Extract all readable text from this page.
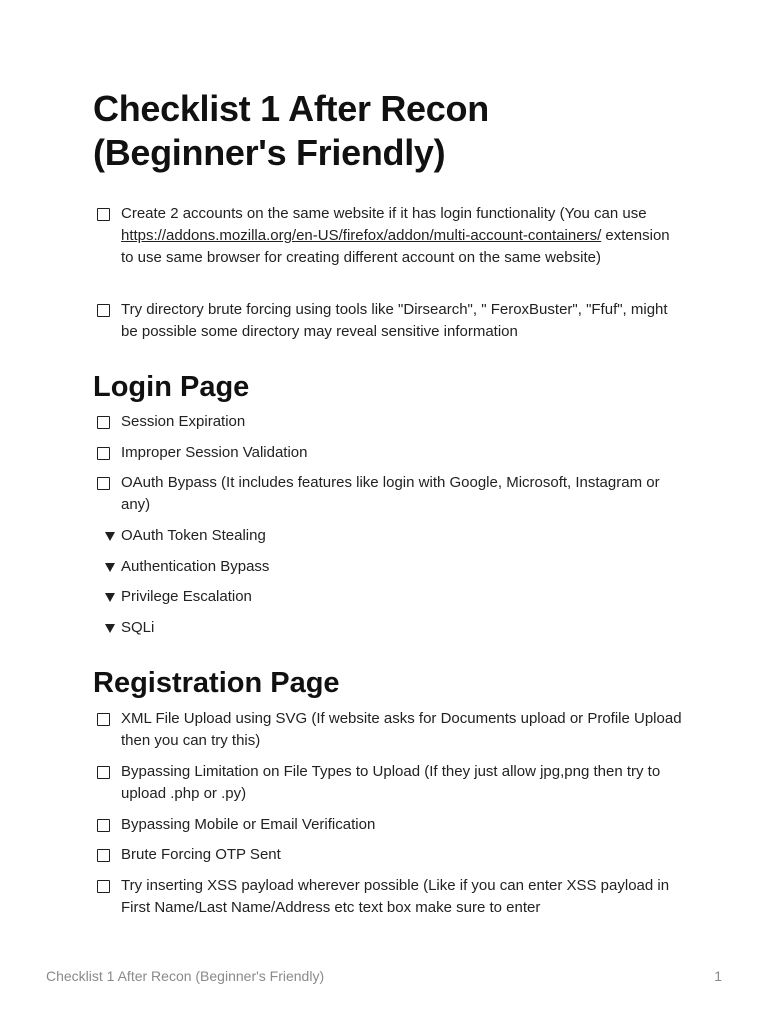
Checklist 1 After Recon
(Beginner's Friendly)
Create 2 accounts on the same website if it has login functionality (You can use https://addons.mozilla.org/en-US/firefox/addon/multi-account-containers/ extension to use same browser for creating different account on the same website)
Try directory brute forcing using tools like "Dirsearch", " FeroxBuster", "Ffuf", might be possible some directory may reveal sensitive information
Login Page
Session Expiration
Improper Session Validation
OAuth Bypass (It includes features like login with Google, Microsoft, Instagram or any)
OAuth Token Stealing
Authentication Bypass
Privilege Escalation
SQLi
Registration Page
XML File Upload using SVG (If website asks for Documents upload or Profile Upload then you can try this)
Bypassing Limitation on File Types to Upload (If they just allow jpg,png then try to upload .php or .py)
Bypassing Mobile or Email Verification
Brute Forcing OTP Sent
Try inserting XSS payload wherever possible (Like if you can enter XSS payload in First Name/Last Name/Address etc text box make sure to enter
Checklist 1 After Recon (Beginner's Friendly)	1
